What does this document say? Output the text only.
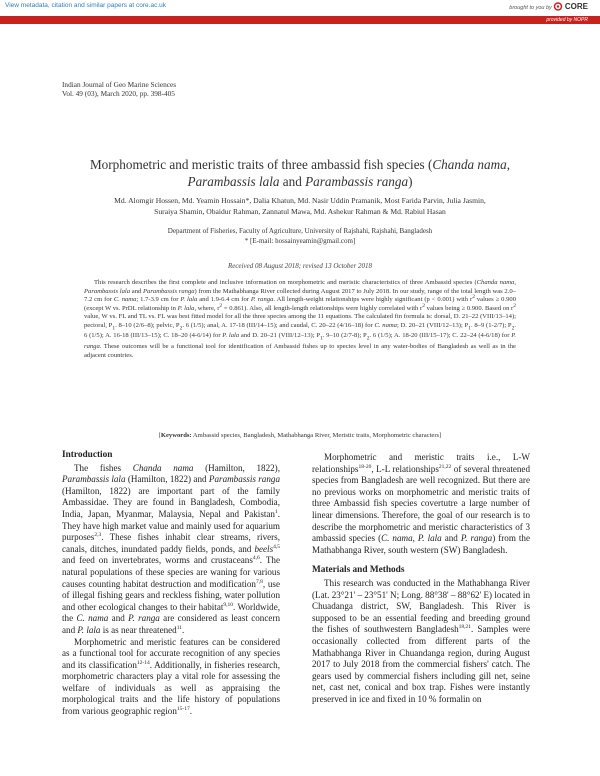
View metadata, citation and similar papers at core.ac.uk	brought to you by CORE
provided by NOPR
Indian Journal of Geo Marine Sciences
Vol. 49 (03), March 2020, pp. 398-405
Morphometric and meristic traits of three ambassid fish species (Chanda nama,
Parambassis lala and Parambassis ranga)
Md. Alomgir Hossen, Md. Yeamin Hossain*, Dalia Khatun, Md. Nasir Uddin Pramanik, Most Farida Parvin, Julia Jasmin,
Suraiya Shamin, Obaidur Rahman, Zannatul Mawa, Md. Ashekur Rahman & Md. Rabiul Hasan
Department of Fisheries, Faculty of Agriculture, University of Rajshahi, Rajshahi, Bangladesh
* [E-mail: hossainyeamin@gmail.com]
Received 08 August 2018; revised 13 October 2018

This research describes the first complete and inclusive information on morphometric and meristic characteristics of three Ambassid species (Chanda nama, Parambassis lala and Parambassis ranga) from the Mathabhanga River collected during August 2017 to July 2018. In our study, range of the total length was 2.0–7.2 cm for C. nama; 1.7-3.9 cm for P. lala and 1.9-6.4 cm for P. ranga. All length-weight relationships were highly significant (p < 0.001) with $r^2$ values ≥ 0.900 (except W vs. PrDL relationship in P. lala, where, $r^2 = 0.861$). Also, all length-length relationships were highly correlated with $r^2$ values being ≥ 0.900. Based on $r^2$ value, W vs. FL and TL vs. FL was best fitted model for all the three species among the 11 equations. The calculated fin formula is: dorsal, D. 21–22 (VIII/13–14); pectoral, $P_1$. 8–10 (2/6–8); pelvic, $P_2$. 6 (1/5); anal, A. 17-18 (III/14–15); and caudal, C. 20–22 (4/16–18) for C. nama; D. 20–21 (VIII/12–13); $P_1$. 8–9 (1-2/7); $P_2$. 6 (1/5); A. 16-18 (III/13–15); C. 18–20 (4-6/14) for P. lala and D. 20–21 (VIII/12–13); $P_1$. 9–10 (2/7-8); $P_2$. 6 (1/5); A. 18-20 (III/15–17); C. 22–24 (4-6/18) for P. ranga. These outcomes will be a functional tool for identification of Ambassid fishes up to species level in any water-bodies of Bangladesh as well as in the adjacent countries.

[Keywords: Ambassid species, Bangladesh, Mathabhanga River, Meristic traits, Morphometric characters]
Introduction

The fishes Chanda nama (Hamilton, 1822), Parambassis lala (Hamilton, 1822) and Parambassis ranga (Hamilton, 1822) are important part of the family Ambassidae. They are found in Bangladesh, Combodia, India, Japan, Myanmar, Malaysia, Nepal and Pakistan$^1$. They have high market value and mainly used for aquarium purposes$^{2,3}$. These fishes inhabit clear streams, rivers, canals, ditches, inundated paddy fields, ponds, and beels$^{4,5}$ and feed on invertebrates, worms and crustaceans$^{4,6}$. The natural populations of these species are waning for various causes counting habitat destruction and modification$^{7,8}$, use of illegal fishing gears and reckless fishing, water pollution and other ecological changes to their habitat$^{9,10}$. Worldwide, the C. nama and P. ranga are considered as least concern and P. lala is as near threatened$^{11}$.

Morphometric and meristic features can be considered as a functional tool for accurate recognition of any species and its classification$^{12-14}$. Additionally, in fisheries research, morphometric characters play a vital role for assessing the welfare of individuals as well as appraising the morphological traits and the life history of populations from various geographic region$^{15-17}$.

Morphometric and meristic traits i.e., L-W relationships$^{18-20}$, L-L relationships$^{21,22}$ of several threatened species from Bangladesh are well recognized. But there are no previous works on morphometric and meristic traits of three Ambassid fish species covertutre a large number of linear dimensions. Therefore, the goal of our research is to describe the morphometric and meristic characteristics of 3 ambassid species (C. nama, P. lala and P. ranga) from the Mathabhanga River, south western (SW) Bangladesh.

Materials and Methods

This research was conducted in the Mathabhanga River (Lat. 23°21' – 23°51' N; Long. 88°38' – 88°62' E) located in Chuadanga district, SW, Bangladesh. This River is supposed to be an essential feeding and breeding ground the fishes of southwestern Bangladesh$^{18,21}$. Samples were occasionally collected from different parts of the Mathabhanga River in Chuandanga region, during August 2017 to July 2018 from the commercial fishers' catch. The gears used by commercial fishers including gill net, seine net, cast net, conical and box trap. Fishes were instantly preserved in ice and fixed in 10 % formalin on
